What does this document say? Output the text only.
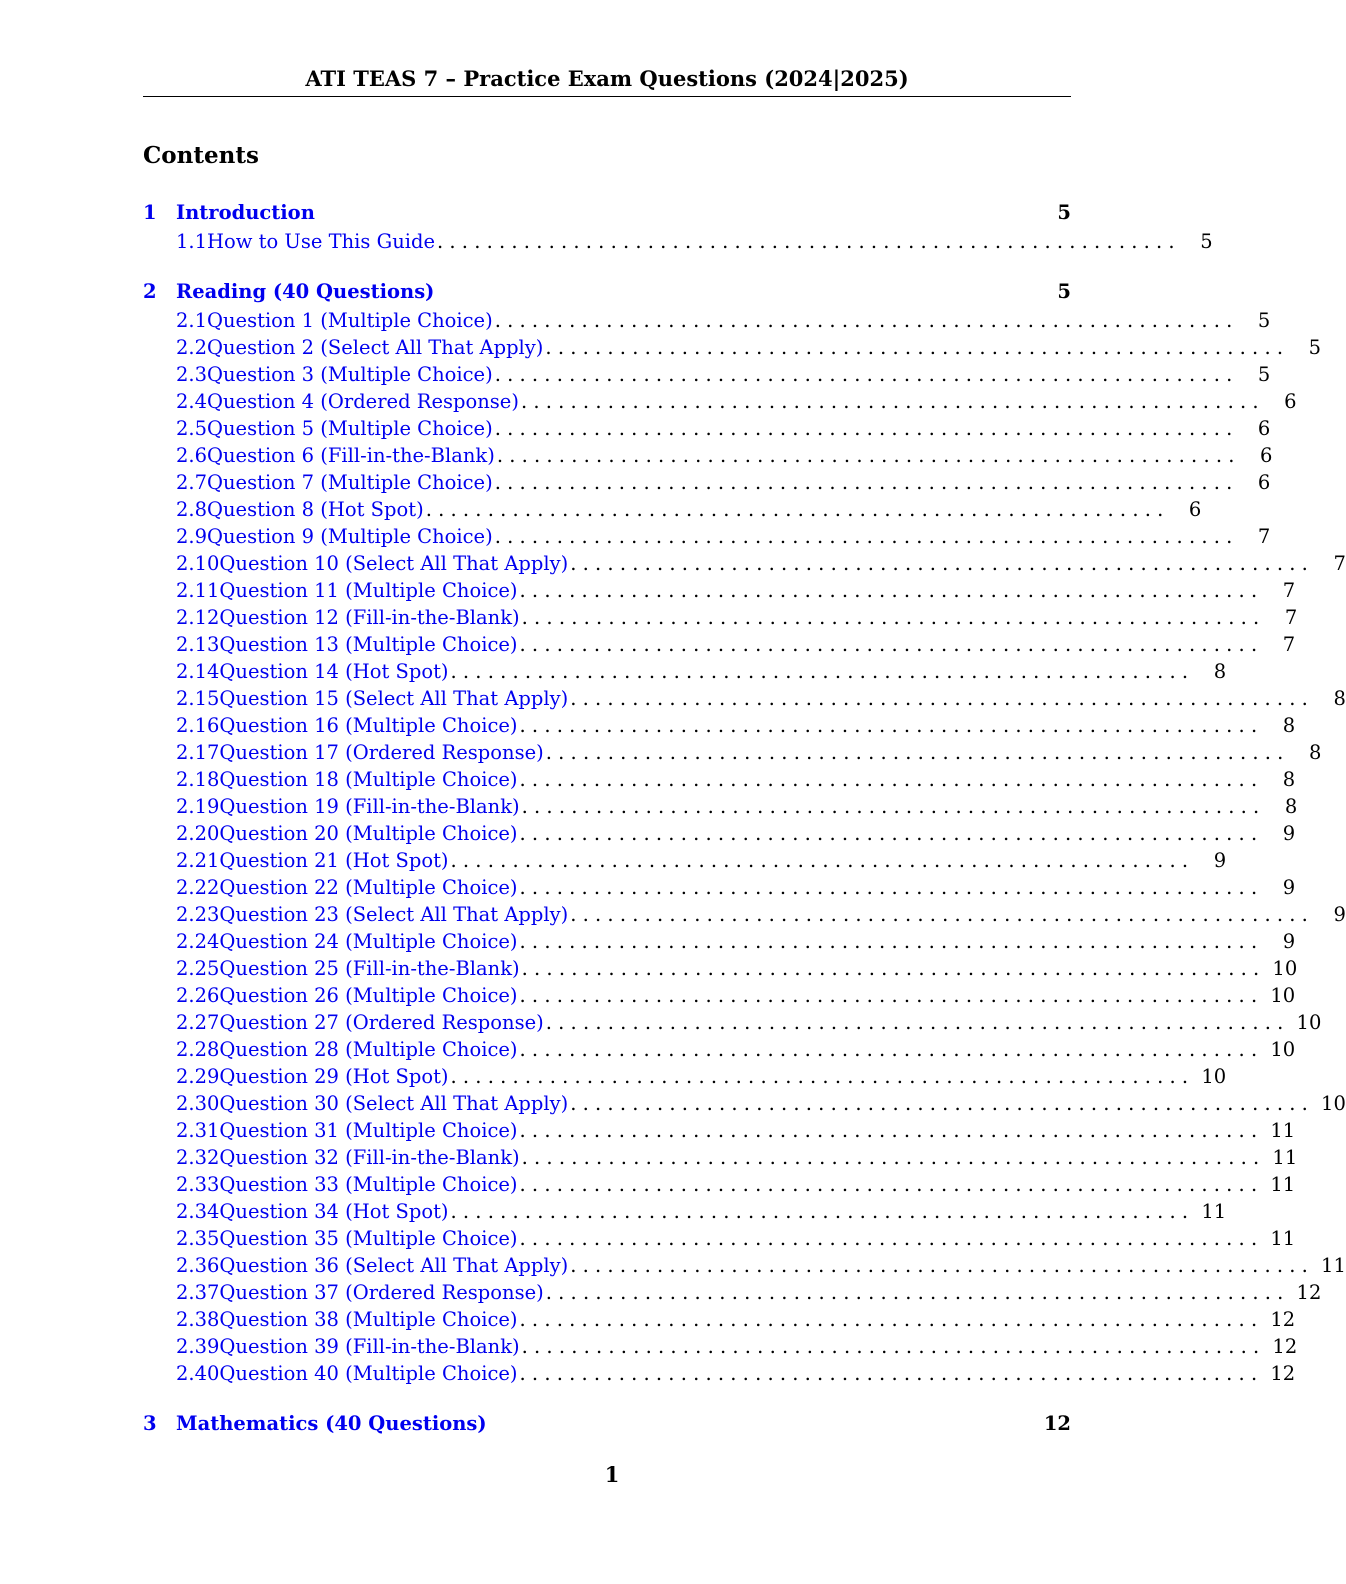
ATI TEAS 7 – Practice Exam Questions (2024|2025)
Contents
1 Introduction	5
1.1 How to Use This Guide . . . . . . . . . . . . . . . . . . . . . . . . . . . . . . . . . . . . . . . . . . . . . . . . . . . . . . . . . . . .	5
2 Reading (40 Questions)	5
2.1 Question 1 (Multiple Choice) . . . . . . . . . . . . . . . . . . . . . . . . . . . . . . . . . . . . . . . . . . . . . . . . . . . . . . . . . . . .	5
2.2 Question 2 (Select All That Apply) . . . . . . . . . . . . . . . . . . . . . . . . . . . . . . . . . . . . . . . . . . . . . . . . . . . . . . . . . . . .	5
2.3 Question 3 (Multiple Choice) . . . . . . . . . . . . . . . . . . . . . . . . . . . . . . . . . . . . . . . . . . . . . . . . . . . . . . . . . . . .	5
2.4 Question 4 (Ordered Response) . . . . . . . . . . . . . . . . . . . . . . . . . . . . . . . . . . . . . . . . . . . . . . . . . . . . . . . . . . . .	6
2.5 Question 5 (Multiple Choice) . . . . . . . . . . . . . . . . . . . . . . . . . . . . . . . . . . . . . . . . . . . . . . . . . . . . . . . . . . . .	6
2.6 Question 6 (Fill-in-the-Blank) . . . . . . . . . . . . . . . . . . . . . . . . . . . . . . . . . . . . . . . . . . . . . . . . . . . . . . . . . . . .	6
2.7 Question 7 (Multiple Choice) . . . . . . . . . . . . . . . . . . . . . . . . . . . . . . . . . . . . . . . . . . . . . . . . . . . . . . . . . . . .	6
2.8 Question 8 (Hot Spot) . . . . . . . . . . . . . . . . . . . . . . . . . . . . . . . . . . . . . . . . . . . . . . . . . . . . . . . . . . . .	6
2.9 Question 9 (Multiple Choice) . . . . . . . . . . . . . . . . . . . . . . . . . . . . . . . . . . . . . . . . . . . . . . . . . . . . . . . . . . . .	7
2.10 Question 10 (Select All That Apply) . . . . . . . . . . . . . . . . . . . . . . . . . . . . . . . . . . . . . . . . . . . . . . . . . . . . . . . . . . . .	7
2.11 Question 11 (Multiple Choice) . . . . . . . . . . . . . . . . . . . . . . . . . . . . . . . . . . . . . . . . . . . . . . . . . . . . . . . . . . . .	7
2.12 Question 12 (Fill-in-the-Blank) . . . . . . . . . . . . . . . . . . . . . . . . . . . . . . . . . . . . . . . . . . . . . . . . . . . . . . . . . . . .	7
2.13 Question 13 (Multiple Choice) . . . . . . . . . . . . . . . . . . . . . . . . . . . . . . . . . . . . . . . . . . . . . . . . . . . . . . . . . . . .	7
2.14 Question 14 (Hot Spot) . . . . . . . . . . . . . . . . . . . . . . . . . . . . . . . . . . . . . . . . . . . . . . . . . . . . . . . . . . . .	8
2.15 Question 15 (Select All That Apply) . . . . . . . . . . . . . . . . . . . . . . . . . . . . . . . . . . . . . . . . . . . . . . . . . . . . . . . . . . . .	8
2.16 Question 16 (Multiple Choice) . . . . . . . . . . . . . . . . . . . . . . . . . . . . . . . . . . . . . . . . . . . . . . . . . . . . . . . . . . . .	8
2.17 Question 17 (Ordered Response) . . . . . . . . . . . . . . . . . . . . . . . . . . . . . . . . . . . . . . . . . . . . . . . . . . . . . . . . . . . .	8
2.18 Question 18 (Multiple Choice) . . . . . . . . . . . . . . . . . . . . . . . . . . . . . . . . . . . . . . . . . . . . . . . . . . . . . . . . . . . .	8
2.19 Question 19 (Fill-in-the-Blank) . . . . . . . . . . . . . . . . . . . . . . . . . . . . . . . . . . . . . . . . . . . . . . . . . . . . . . . . . . . .	8
2.20 Question 20 (Multiple Choice) . . . . . . . . . . . . . . . . . . . . . . . . . . . . . . . . . . . . . . . . . . . . . . . . . . . . . . . . . . . .	9
2.21 Question 21 (Hot Spot) . . . . . . . . . . . . . . . . . . . . . . . . . . . . . . . . . . . . . . . . . . . . . . . . . . . . . . . . . . . .	9
2.22 Question 22 (Multiple Choice) . . . . . . . . . . . . . . . . . . . . . . . . . . . . . . . . . . . . . . . . . . . . . . . . . . . . . . . . . . . .	9
2.23 Question 23 (Select All That Apply) . . . . . . . . . . . . . . . . . . . . . . . . . . . . . . . . . . . . . . . . . . . . . . . . . . . . . . . . . . . .	9
2.24 Question 24 (Multiple Choice) . . . . . . . . . . . . . . . . . . . . . . . . . . . . . . . . . . . . . . . . . . . . . . . . . . . . . . . . . . . .	9
2.25 Question 25 (Fill-in-the-Blank) . . . . . . . . . . . . . . . . . . . . . . . . . . . . . . . . . . . . . . . . . . . . . . . . . . . . . . . . . . . . 10
2.26 Question 26 (Multiple Choice) . . . . . . . . . . . . . . . . . . . . . . . . . . . . . . . . . . . . . . . . . . . . . . . . . . . . . . . . . . . . 10
2.27 Question 27 (Ordered Response) . . . . . . . . . . . . . . . . . . . . . . . . . . . . . . . . . . . . . . . . . . . . . . . . . . . . . . . . . . . . 10
2.28 Question 28 (Multiple Choice) . . . . . . . . . . . . . . . . . . . . . . . . . . . . . . . . . . . . . . . . . . . . . . . . . . . . . . . . . . . . 10
2.29 Question 29 (Hot Spot) . . . . . . . . . . . . . . . . . . . . . . . . . . . . . . . . . . . . . . . . . . . . . . . . . . . . . . . . . . . . 10
2.30 Question 30 (Select All That Apply) . . . . . . . . . . . . . . . . . . . . . . . . . . . . . . . . . . . . . . . . . . . . . . . . . . . . . . . . . . . . 10
2.31 Question 31 (Multiple Choice) . . . . . . . . . . . . . . . . . . . . . . . . . . . . . . . . . . . . . . . . . . . . . . . . . . . . . . . . . . . . 11
2.32 Question 32 (Fill-in-the-Blank) . . . . . . . . . . . . . . . . . . . . . . . . . . . . . . . . . . . . . . . . . . . . . . . . . . . . . . . . . . . . 11
2.33 Question 33 (Multiple Choice) . . . . . . . . . . . . . . . . . . . . . . . . . . . . . . . . . . . . . . . . . . . . . . . . . . . . . . . . . . . . 11
2.34 Question 34 (Hot Spot) . . . . . . . . . . . . . . . . . . . . . . . . . . . . . . . . . . . . . . . . . . . . . . . . . . . . . . . . . . . . 11
2.35 Question 35 (Multiple Choice) . . . . . . . . . . . . . . . . . . . . . . . . . . . . . . . . . . . . . . . . . . . . . . . . . . . . . . . . . . . . 11
2.36 Question 36 (Select All That Apply) . . . . . . . . . . . . . . . . . . . . . . . . . . . . . . . . . . . . . . . . . . . . . . . . . . . . . . . . . . . . 11
2.37 Question 37 (Ordered Response) . . . . . . . . . . . . . . . . . . . . . . . . . . . . . . . . . . . . . . . . . . . . . . . . . . . . . . . . . . . . 12
2.38 Question 38 (Multiple Choice) . . . . . . . . . . . . . . . . . . . . . . . . . . . . . . . . . . . . . . . . . . . . . . . . . . . . . . . . . . . . 12
2.39 Question 39 (Fill-in-the-Blank) . . . . . . . . . . . . . . . . . . . . . . . . . . . . . . . . . . . . . . . . . . . . . . . . . . . . . . . . . . . . 12
2.40 Question 40 (Multiple Choice) . . . . . . . . . . . . . . . . . . . . . . . . . . . . . . . . . . . . . . . . . . . . . . . . . . . . . . . . . . . . 12
3 Mathematics (40 Questions)	12
1
